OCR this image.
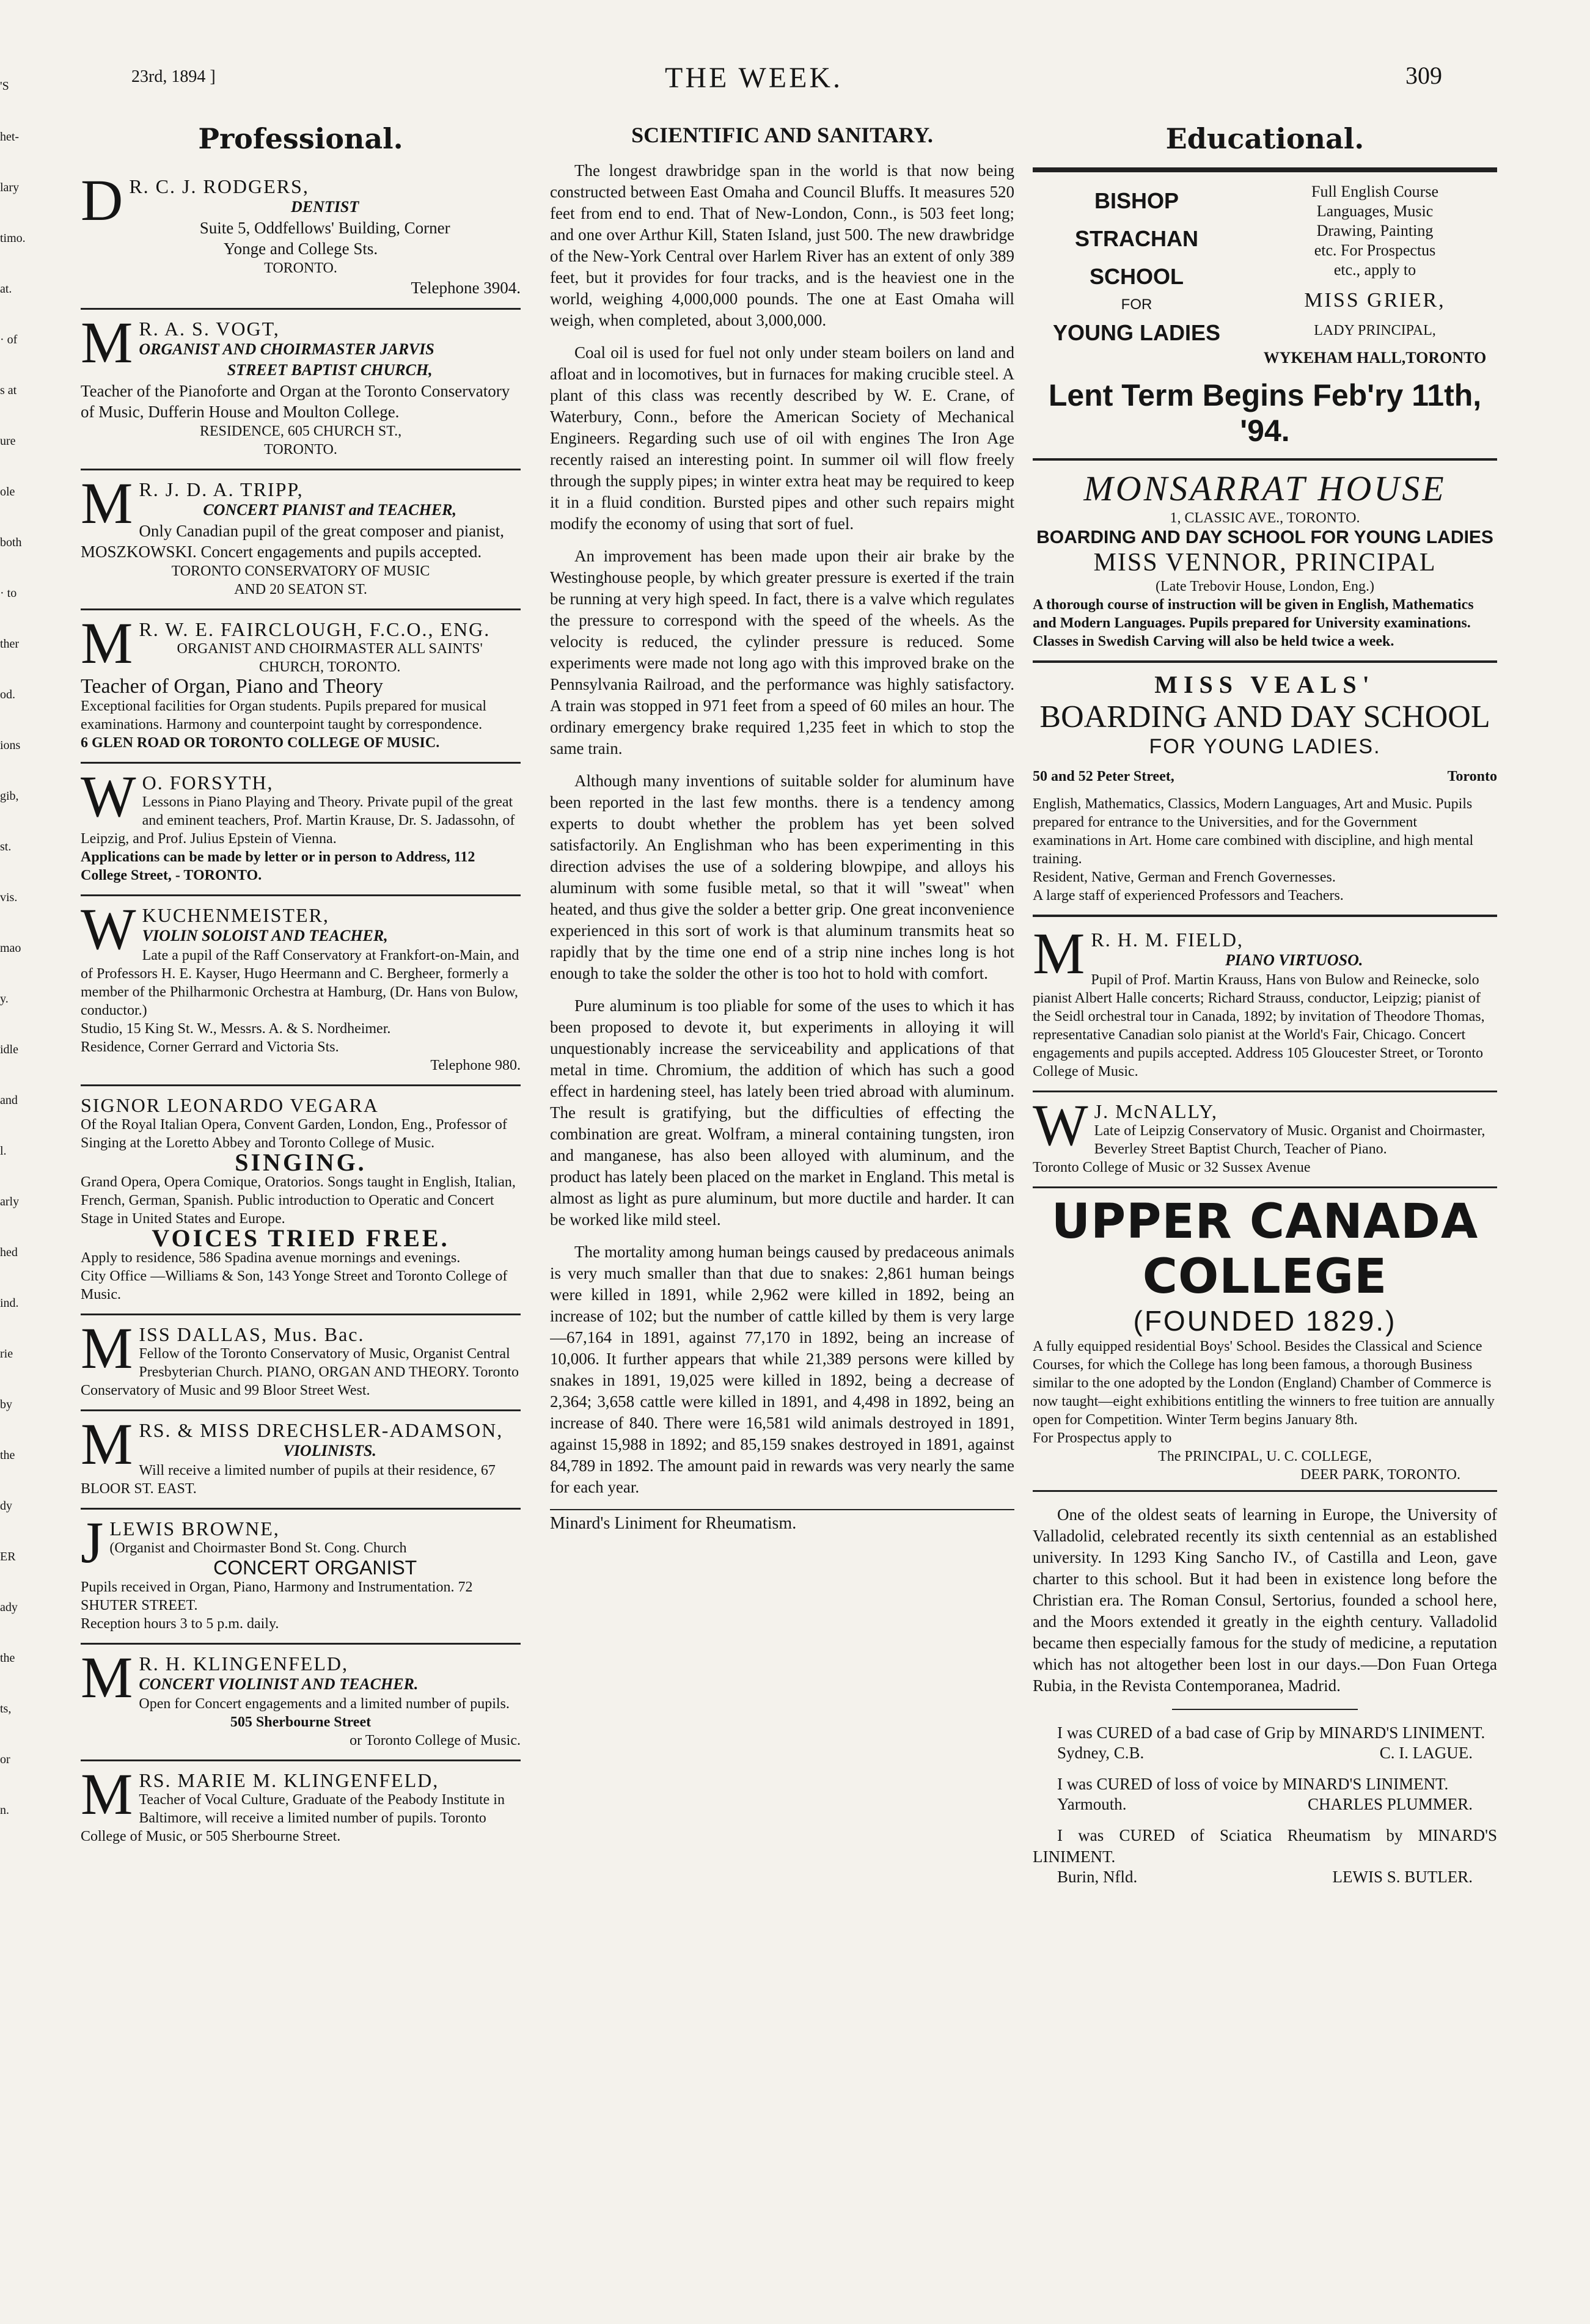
'S
het-
lary
timo.
at.
· of
s at
ure
ole
both
· to
ther
od.
ions
gib,
st.
vis.
mao
y.
idle
and
l.
arly
hed
ind.
rie
by
the
dy
ER
ady
the
ts,
or
n.
23rd, 1894 ]	THE WEEK.	309
Professional.
D R. C. J. RODGERS,
DENTIST
Suite 5, Oddfellows' Building, Corner
Yonge and College Sts.
TORONTO.
Telephone 3904.
M R. A. S. VOGT,
ORGANIST AND CHOIRMASTER JARVIS
STREET BAPTIST CHURCH,
Teacher of the Pianoforte and Organ at the Toronto Conservatory of Music, Dufferin House and Moulton College.
RESIDENCE, 605 CHURCH ST.,
TORONTO.
M R. J. D. A. TRIPP,
CONCERT PIANIST and TEACHER,
Only Canadian pupil of the great composer and pianist, MOSZKOWSKI. Concert engagements and pupils accepted.
TORONTO CONSERVATORY OF MUSIC
AND 20 SEATON ST.
M R. W. E. FAIRCLOUGH, F.C.O., ENG.
ORGANIST AND CHOIRMASTER ALL SAINTS'
CHURCH, TORONTO.
Teacher of Organ, Piano and Theory
Exceptional facilities for Organ students. Pupils prepared for musical examinations. Harmony and counterpoint taught by correspondence.
6 GLEN ROAD OR TORONTO COLLEGE OF MUSIC.
W O. FORSYTH,
Lessons in Piano Playing and Theory. Private pupil of the great and eminent teachers, Prof. Martin Krause, Dr. S. Jadassohn, of Leipzig, and Prof. Julius Epstein of Vienna.
Applications can be made by letter or in person to Address, 112 College Street, - TORONTO.
W KUCHENMEISTER,
VIOLIN SOLOIST AND TEACHER,
Late a pupil of the Raff Conservatory at Frankfort-on-Main, and of Professors H. E. Kayser, Hugo Heermann and C. Bergheer, formerly a member of the Philharmonic Orchestra at Hamburg, (Dr. Hans von Bulow, conductor.)
Studio, 15 King St. W., Messrs. A. & S. Nordheimer.
Residence, Corner Gerrard and Victoria Sts.
Telephone 980.
SIGNOR LEONARDO VEGARA
Of the Royal Italian Opera, Convent Garden, London, Eng., Professor of Singing at the Loretto Abbey and Toronto College of Music.
SINGING.
Grand Opera, Opera Comique, Oratorios. Songs taught in English, Italian, French, German, Spanish. Public introduction to Operatic and Concert Stage in United States and Europe.
VOICES TRIED FREE.
Apply to residence, 586 Spadina avenue mornings and evenings.
City Office —Williams & Son, 143 Yonge Street and Toronto College of Music.
M ISS DALLAS, Mus. Bac.
Fellow of the Toronto Conservatory of Music, Organist Central Presbyterian Church. PIANO, ORGAN AND THEORY. Toronto Conservatory of Music and 99 Bloor Street West.
M RS. & MISS DRECHSLER-ADAMSON,
VIOLINISTS.
Will receive a limited number of pupils at their residence, 67 BLOOR ST. EAST.
J LEWIS BROWNE,
(Organist and Choirmaster Bond St. Cong. Church
CONCERT ORGANIST
Pupils received in Organ, Piano, Harmony and Instrumentation. 72 SHUTER STREET.
Reception hours 3 to 5 p.m. daily.
M R. H. KLINGENFELD,
CONCERT VIOLINIST AND TEACHER.
Open for Concert engagements and a limited number of pupils.
505 Sherbourne Street
or Toronto College of Music.
M RS. MARIE M. KLINGENFELD,
Teacher of Vocal Culture, Graduate of the Peabody Institute in Baltimore, will receive a limited number of pupils. Toronto College of Music, or 505 Sherbourne Street.
SCIENTIFIC AND SANITARY.

The longest drawbridge span in the world is that now being constructed between East Omaha and Council Bluffs. It measures 520 feet from end to end. That of New-London, Conn., is 503 feet long; and one over Arthur Kill, Staten Island, just 500. The new drawbridge of the New-York Central over Harlem River has an extent of only 389 feet, but it provides for four tracks, and is the heaviest one in the world, weighing 4,000,000 pounds. The one at East Omaha will weigh, when completed, about 3,000,000.

Coal oil is used for fuel not only under steam boilers on land and afloat and in locomotives, but in furnaces for making crucible steel. A plant of this class was recently described by W. E. Crane, of Waterbury, Conn., before the American Society of Mechanical Engineers. Regarding such use of oil with engines The Iron Age recently raised an interesting point. In summer oil will flow freely through the supply pipes; in winter extra heat may be required to keep it in a fluid condition. Bursted pipes and other such repairs might modify the economy of using that sort of fuel.

An improvement has been made upon their air brake by the Westinghouse people, by which greater pressure is exerted if the train be running at very high speed. In fact, there is a valve which regulates the pressure to correspond with the speed of the wheels. As the velocity is reduced, the cylinder pressure is reduced. Some experiments were made not long ago with this improved brake on the Pennsylvania Railroad, and the performance was highly satisfactory. A train was stopped in 971 feet from a speed of 60 miles an hour. The ordinary emergency brake required 1,235 feet in which to stop the same train.

Although many inventions of suitable solder for aluminum have been reported in the last few months. there is a tendency among experts to doubt whether the problem has yet been solved satisfactorily. An Englishman who has been experimenting in this direction advises the use of a soldering blowpipe, and alloys his aluminum with some fusible metal, so that it will "sweat" when heated, and thus give the solder a better grip. One great inconvenience experienced in this sort of work is that aluminum transmits heat so rapidly that by the time one end of a strip nine inches long is hot enough to take the solder the other is too hot to hold with comfort.

Pure aluminum is too pliable for some of the uses to which it has been proposed to devote it, but experiments in alloying it will unquestionably increase the serviceability and applications of that metal in time. Chromium, the addition of which has such a good effect in hardening steel, has lately been tried abroad with aluminum. The result is gratifying, but the difficulties of effecting the combination are great. Wolfram, a mineral containing tungsten, iron and manganese, has also been alloyed with aluminum, and the product has lately been placed on the market in England. This metal is almost as light as pure aluminum, but more ductile and harder. It can be worked like mild steel.

The mortality among human beings caused by predaceous animals is very much smaller than that due to snakes: 2,861 human beings were killed in 1891, while 2,962 were killed in 1892, being an increase of 102; but the number of cattle killed by them is very large—67,164 in 1891, against 77,170 in 1892, being an increase of 10,006. It further appears that while 21,389 persons were killed by snakes in 1891, 19,025 were killed in 1892, being a decrease of 2,364; 3,658 cattle were killed in 1891, and 4,498 in 1892, being an increase of 840. There were 16,581 wild animals destroyed in 1891, against 15,988 in 1892; and 85,159 snakes destroyed in 1891, against 84,789 in 1892. The amount paid in rewards was very nearly the same for each year.

Minard's Liniment for Rheumatism.
Educational.
BISHOP
STRACHAN
SCHOOL
FOR
YOUNG LADIES
Full English Course
Languages, Music
Drawing, Painting
etc. For Prospectus
etc., apply to
MISS GRIER,
LADY PRINCIPAL,
WYKEHAM HALL,TORONTO
Lent Term Begins Feb'ry 11th, '94.
MONSARRAT HOUSE
1, CLASSIC AVE., TORONTO.
BOARDING AND DAY SCHOOL FOR YOUNG LADIES
MISS VENNOR, PRINCIPAL
(Late Trebovir House, London, Eng.)
A thorough course of instruction will be given in English, Mathematics and Modern Languages. Pupils prepared for University examinations. Classes in Swedish Carving will also be held twice a week.
MISS VEALS'
BOARDING AND DAY SCHOOL
FOR YOUNG LADIES.
50 and 52 Peter Street,	Toronto
English, Mathematics, Classics, Modern Languages, Art and Music. Pupils prepared for entrance to the Universities, and for the Government examinations in Art. Home care combined with discipline, and high mental training.
Resident, Native, German and French Governesses.
A large staff of experienced Professors and Teachers.
M R. H. M. FIELD,
PIANO VIRTUOSO.
Pupil of Prof. Martin Krauss, Hans von Bulow and Reinecke, solo pianist Albert Halle concerts; Richard Strauss, conductor, Leipzig; pianist of the Seidl orchestral tour in Canada, 1892; by invitation of Theodore Thomas, representative Canadian solo pianist at the World's Fair, Chicago. Concert engagements and pupils accepted. Address 105 Gloucester Street, or Toronto College of Music.
W J. McNALLY,
Late of Leipzig Conservatory of Music. Organist and Choirmaster, Beverley Street Baptist Church, Teacher of Piano.
Toronto College of Music or 32 Sussex Avenue
UPPER CANADA COLLEGE
(FOUNDED 1829.)
A fully equipped residential Boys' School. Besides the Classical and Science Courses, for which the College has long been famous, a thorough Business similar to the one adopted by the London (England) Chamber of Commerce is now taught—eight exhibitions entitling the winners to free tuition are annually open for Competition. Winter Term begins January 8th.
For Prospectus apply to
The PRINCIPAL, U. C. COLLEGE,
DEER PARK, TORONTO.

One of the oldest seats of learning in Europe, the University of Valladolid, celebrated recently its sixth centennial as an established university. In 1293 King Sancho IV., of Castilla and Leon, gave charter to this school. But it had been in existence long before the Christian era. The Roman Consul, Sertorius, founded a school here, and the Moors extended it greatly in the eighth century. Valladolid became then especially famous for the study of medicine, a reputation which has not altogether been lost in our days.—Don Fuan Ortega Rubia, in the Revista Contemporanea, Madrid.

I was CURED of a bad case of Grip by MINARD'S LINIMENT.
Sydney, C.B.	C. I. LAGUE.
I was CURED of loss of voice by MINARD'S LINIMENT.
Yarmouth.	CHARLES PLUMMER.
I was CURED of Sciatica Rheumatism by MINARD'S LINIMENT.
Burin, Nfld.	LEWIS S. BUTLER.
